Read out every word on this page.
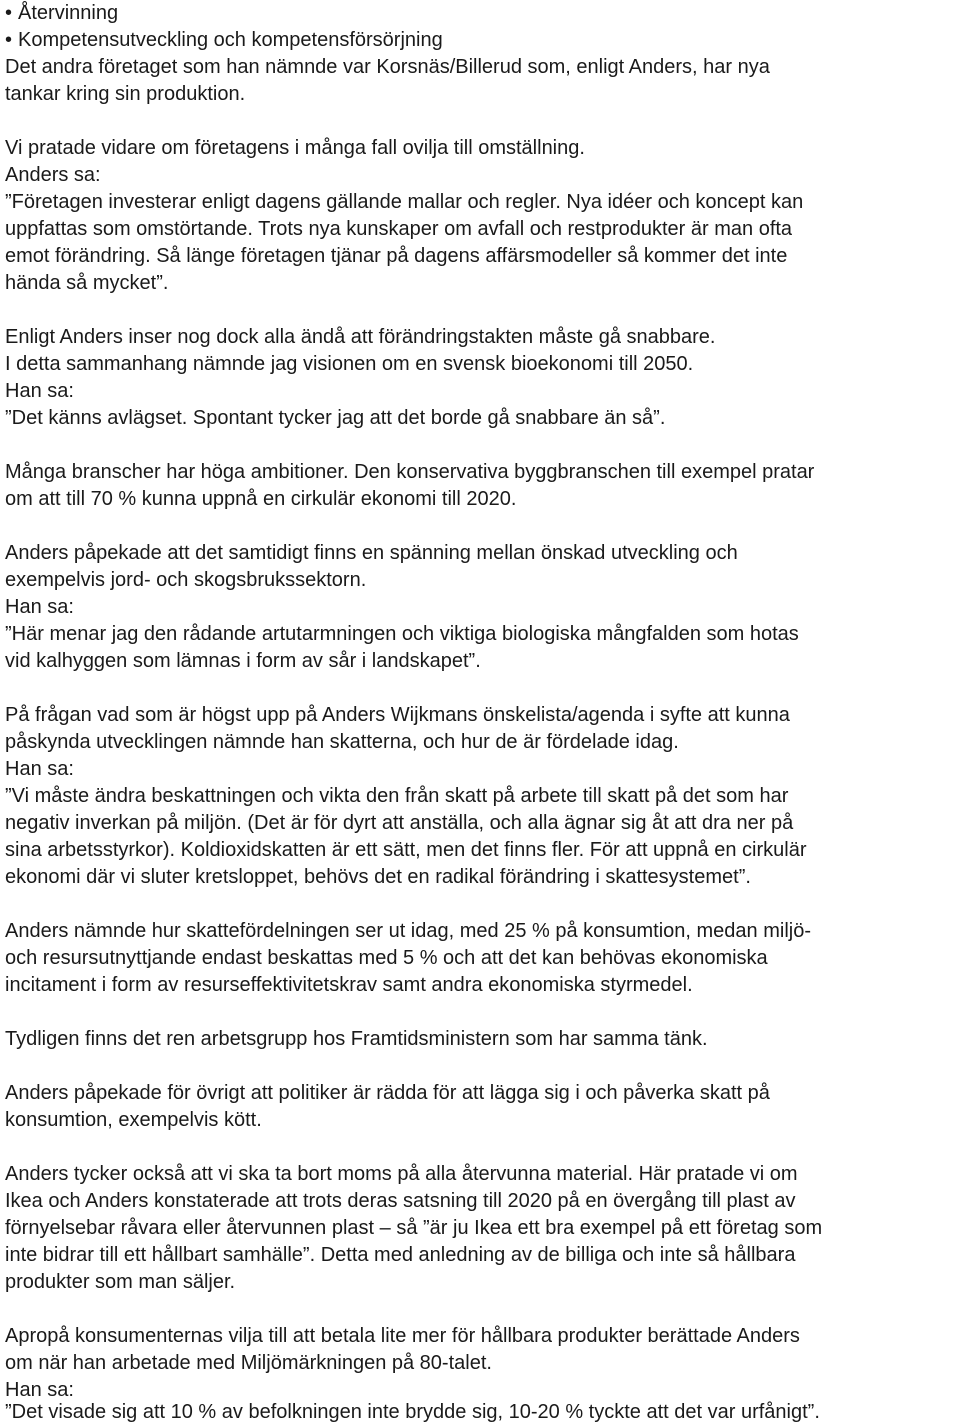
• Återvinning
• Kompetensutveckling och kompetensförsörjning
Det andra företaget som han nämnde var Korsnäs/Billerud som, enligt Anders, har nya
tankar kring sin produktion.
Vi pratade vidare om företagens i många fall ovilja till omställning.
Anders sa:
”Företagen investerar enligt dagens gällande mallar och regler. Nya idéer och koncept kan
uppfattas som omstörtande. Trots nya kunskaper om avfall och restprodukter är man ofta
emot förändring. Så länge företagen tjänar på dagens affärsmodeller så kommer det inte
hända så mycket”.
Enligt Anders inser nog dock alla ändå att förändringstakten måste gå snabbare.
I detta sammanhang nämnde jag visionen om en svensk bioekonomi till 2050.
Han sa:
”Det känns avlägset. Spontant tycker jag att det borde gå snabbare än så”.
Många branscher har höga ambitioner. Den konservativa byggbranschen till exempel pratar
om att till 70 % kunna uppnå en cirkulär ekonomi till 2020.
Anders påpekade att det samtidigt finns en spänning mellan önskad utveckling och
exempelvis jord- och skogsbrukssektorn.
Han sa:
”Här menar jag den rådande artutarmningen och viktiga biologiska mångfalden som hotas
vid kalhyggen som lämnas i form av sår i landskapet”.
På frågan vad som är högst upp på Anders Wijkmans önskelista/agenda i syfte att kunna
påskynda utvecklingen nämnde han skatterna, och hur de är fördelade idag.
Han sa:
”Vi måste ändra beskattningen och vikta den från skatt på arbete till skatt på det som har
negativ inverkan på miljön. (Det är för dyrt att anställa, och alla ägnar sig åt att dra ner på
sina arbetsstyrkor). Koldioxidskatten är ett sätt, men det finns fler. För att uppnå en cirkulär
ekonomi där vi sluter kretsloppet, behövs det en radikal förändring i skattesystemet”.
Anders nämnde hur skattefördelningen ser ut idag, med 25 % på konsumtion, medan miljö-
och resursutnyttjande endast beskattas med 5 % och att det kan behövas ekonomiska
incitament i form av resurseffektivitetskrav samt andra ekonomiska styrmedel.
Tydligen finns det ren arbetsgrupp hos Framtidsministern som har samma tänk.
Anders påpekade för övrigt att politiker är rädda för att lägga sig i och påverka skatt på
konsumtion, exempelvis kött.
Anders tycker också att vi ska ta bort moms på alla återvunna material. Här pratade vi om
Ikea och Anders konstaterade att trots deras satsning till 2020 på en övergång till plast av
förnyelsebar råvara eller återvunnen plast – så ”är ju Ikea ett bra exempel på ett företag som
inte bidrar till ett hållbart samhälle”. Detta med anledning av de billiga och inte så hållbara
produkter som man säljer.
Apropå konsumenternas vilja till att betala lite mer för hållbara produkter berättade Anders
om när han arbetade med Miljömärkningen på 80-talet.
Han sa:
”Det visade sig att 10 % av befolkningen inte brydde sig, 10-20 % tyckte att det var urfånigt”.
